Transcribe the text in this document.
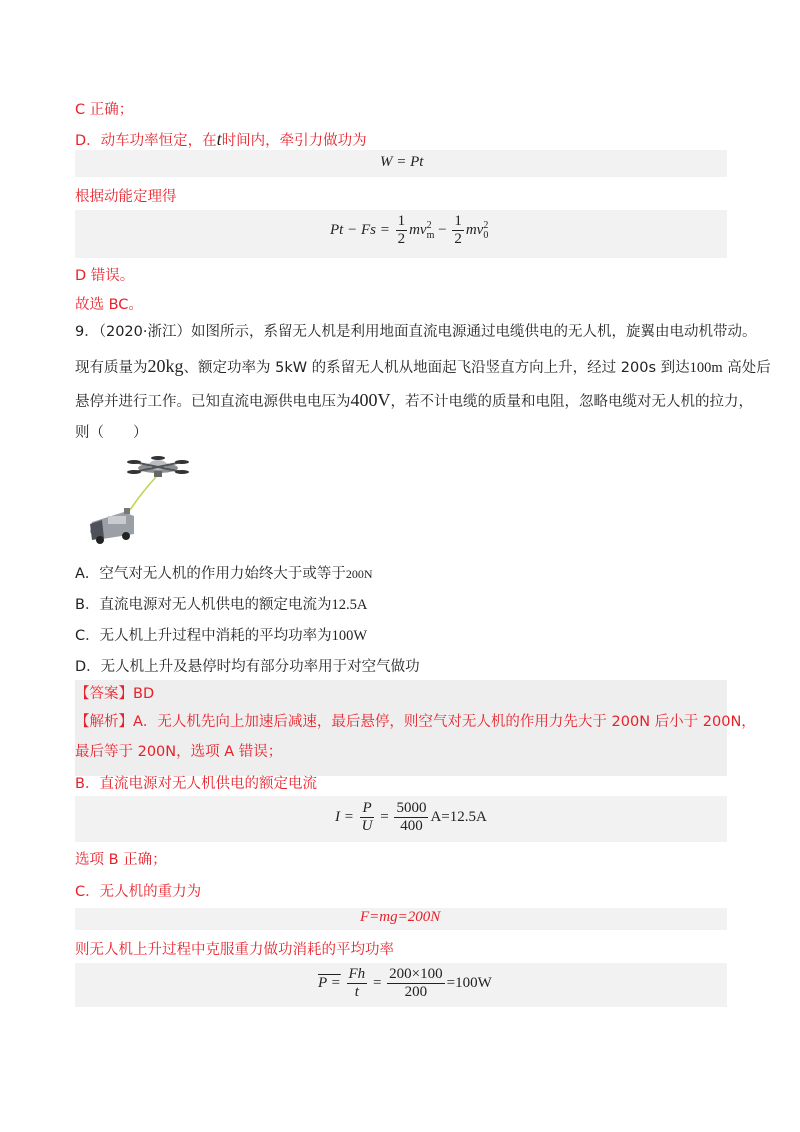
C 正确；
D．动车功率恒定，在t时间内，牵引力做功为
W = Pt
根据动能定理得
$Pt - Fs = \frac{1}{2}$ mv 2
$m - \frac{1}{2}$ mv 2
0
D 错误。
故选 BC。
9．（2020·浙江）如图所示，系留无人机是利用地面直流电源通过电缆供电的无人机，旋翼由电动机带动。
现有质量为20kg、额定功率为 5kW 的系留无人机从地面起飞沿竖直方向上升，经过 200s 到达100m 高处后
悬停并进行工作。已知直流电源供电电压为400V，若不计电缆的质量和电阻，忽略电缆对无人机的拉力，
则（　　）
A．空气对无人机的作用力始终大于或等于$^{200N}$
B．直流电源对无人机供电的额定电流为12.5A
C．无人机上升过程中消耗的平均功率为100W
D．无人机上升及悬停时均有部分功率用于对空气做功
【答案】BD
【解析】A．无人机先向上加速后减速，最后悬停，则空气对无人机的作用力先大于 200N 后小于 200N，
最后等于 200N，选项 A 错误；
B．直流电源对无人机供电的额定电流
$I = \frac{P}{U} = \frac{5000}{400} A=12.5A$
选项 B 正确；
C．无人机的重力为
F=mg=200N
则无人机上升过程中克服重力做功消耗的平均功率
$P = \frac{Fh}{t} = \frac{200\times 100}{200} =100W$
